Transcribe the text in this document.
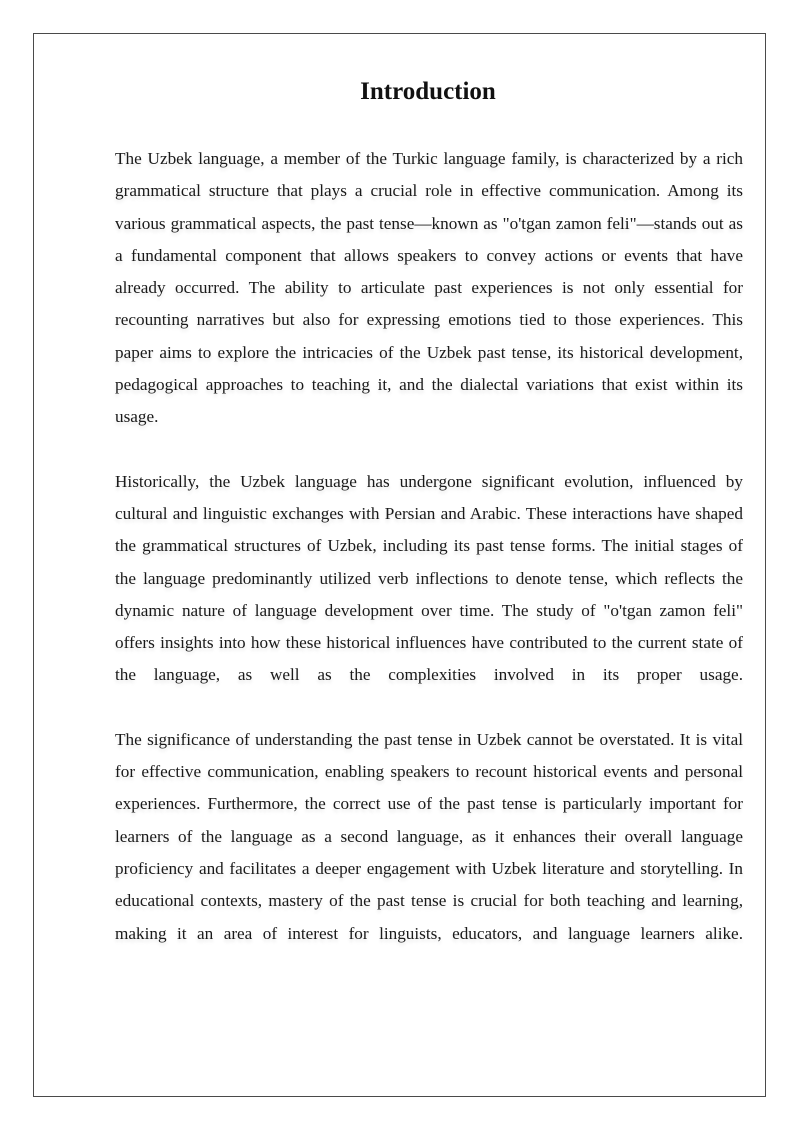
Introduction

The Uzbek language, a member of the Turkic language family, is characterized by a rich grammatical structure that plays a crucial role in effective communication. Among its various grammatical aspects, the past tense—known as "o'tgan zamon feli"—stands out as a fundamental component that allows speakers to convey actions or events that have already occurred. The ability to articulate past experiences is not only essential for recounting narratives but also for expressing emotions tied to those experiences. This paper aims to explore the intricacies of the Uzbek past tense, its historical development, pedagogical approaches to teaching it, and the dialectal variations that exist within its usage.

Historically, the Uzbek language has undergone significant evolution, influenced by cultural and linguistic exchanges with Persian and Arabic. These interactions have shaped the grammatical structures of Uzbek, including its past tense forms. The initial stages of the language predominantly utilized verb inflections to denote tense, which reflects the dynamic nature of language development over time. The study of "o'tgan zamon feli" offers insights into how these historical influences have contributed to the current state of the language, as well as the complexities involved in its proper usage.

The significance of understanding the past tense in Uzbek cannot be overstated. It is vital for effective communication, enabling speakers to recount historical events and personal experiences. Furthermore, the correct use of the past tense is particularly important for learners of the language as a second language, as it enhances their overall language proficiency and facilitates a deeper engagement with Uzbek literature and storytelling. In educational contexts, mastery of the past tense is crucial for both teaching and learning, making it an area of interest for linguists, educators, and language learners alike.
